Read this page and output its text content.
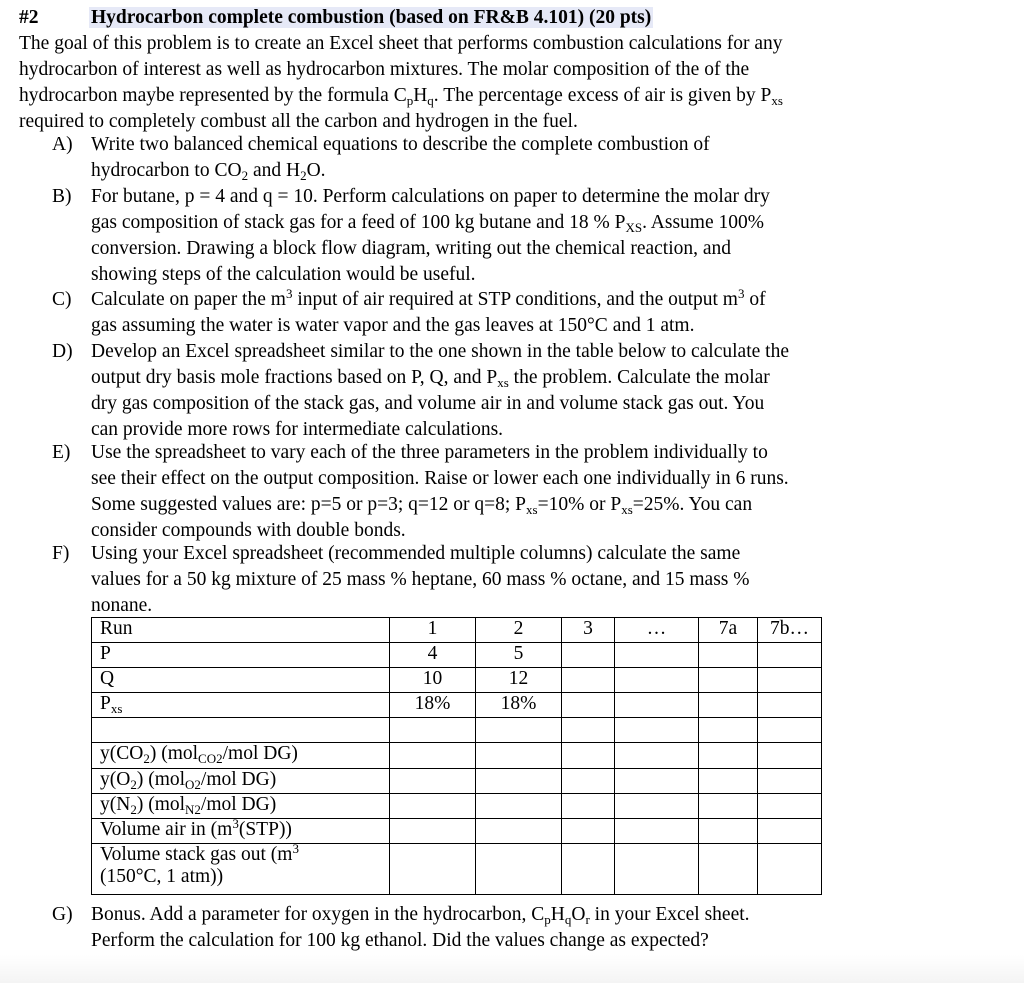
#2	Hydrocarbon complete combustion (based on FR&B 4.101) (20 pts)
The goal of this problem is to create an Excel sheet that performs combustion calculations for any
hydrocarbon of interest as well as hydrocarbon mixtures. The molar composition of the of the
hydrocarbon maybe represented by the formula $C_pH_q$. The percentage excess of air is given by $P_{xs}$
required to completely combust all the carbon and hydrogen in the fuel.
A) Write two balanced chemical equations to describe the complete combustion of
hydrocarbon to $CO_2$ and $H_2O$.
B)	For butane, p = 4 and q = 10. Perform calculations on paper to determine the molar dry
gas composition of stack gas for a feed of 100 kg butane and 18 % $P_{XS}$. Assume 100%
conversion. Drawing a block flow diagram, writing out the chemical reaction, and
showing steps of the calculation would be useful.
C)	Calculate on paper the $m^3$ input of air required at STP conditions, and the output $m^3$ of
gas assuming the water is water vapor and the gas leaves at 150°C and 1 atm.
D) Develop an Excel spreadsheet similar to the one shown in the table below to calculate the
output dry basis mole fractions based on P, Q, and $P_{xs}$ the problem. Calculate the molar
dry gas composition of the stack gas, and volume air in and volume stack gas out. You
can provide more rows for intermediate calculations.
E)	Use the spreadsheet to vary each of the three parameters in the problem individually to
see their effect on the output composition. Raise or lower each one individually in 6 runs.
Some suggested values are: p=5 or p=3; q=12 or q=8; $P_{xs}=10\%$ or $P_{xs}=25\%$. You can
consider compounds with double bonds.
F)	Using your Excel spreadsheet (recommended multiple columns) calculate the same
values for a 50 kg mixture of 25 mass % heptane, 60 mass % octane, and 15 mass %
nonane.
Run	1	2	3	…	7a	7b…
P	4	5				
Q	10	12				
$P_{xs}$	18%	18%				

$y(CO_2)$ (mol$_{CO2}$/mol DG)						
$y(O_2)$ (mol$_{O2}$/mol DG)						
$y(N_2)$ (mol$_{N2}$/mol DG)						
Volume air in $(m^3(STP))$						
Volume stack gas out ($m^3$
(150°C, 1 atm))						
G) Bonus. Add a parameter for oxygen in the hydrocarbon, $C_pH_qO_r$ in your Excel sheet.
Perform the calculation for 100 kg ethanol. Did the values change as expected?
